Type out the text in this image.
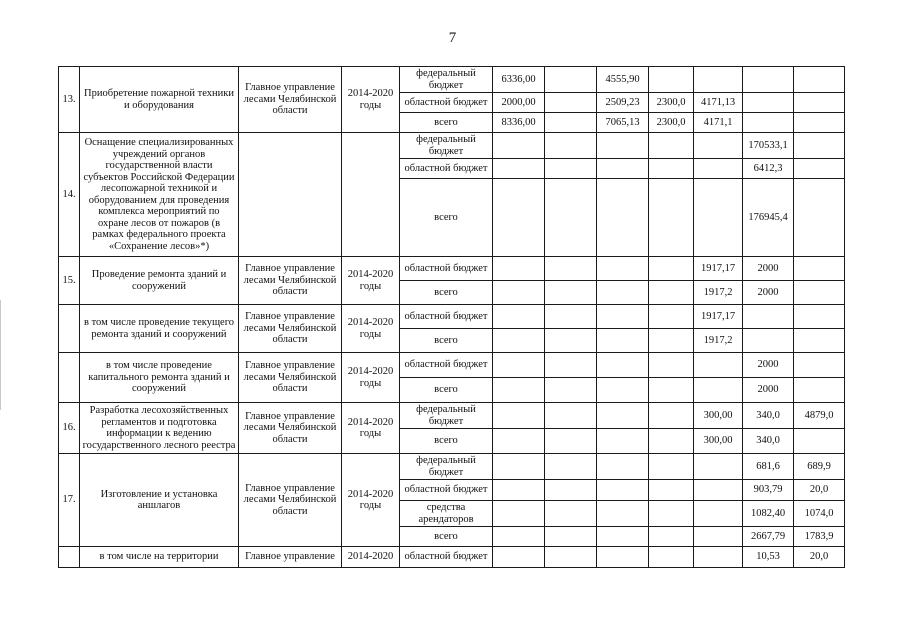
7
13.	Приобретение пожарной техники и оборудования	Главное управление лесами Челябинской области	2014-2020 годы	федеральный бюджет	6336,00		4555,90				
				областной бюджет	2000,00		2509,23	2300,0	4171,13		
				всего	8336,00		7065,13	2300,0	4171,1		
14.	Оснащение специализированных учреждений органов государственной власти субъектов Российской Федерации лесопожарной техникой и оборудованием для проведения комплекса мероприятий по охране лесов от пожаров (в рамках федерального проекта «Сохранение лесов»*)			федеральный бюджет						170533,1	
				областной бюджет						6412,3	
				всего						176945,4	
15.	Проведение ремонта зданий и сооружений	Главное управление лесами Челябинской области	2014-2020 годы	областной бюджет					1917,17	2000	
				всего					1917,2	2000	
	в том числе проведение текущего ремонта зданий и сооружений	Главное управление лесами Челябинской области	2014-2020 годы	областной бюджет					1917,17		
				всего					1917,2		
	в том числе проведение капитального ремонта зданий и сооружений	Главное управление лесами Челябинской области	2014-2020 годы	областной бюджет						2000	
				всего						2000	
16.	Разработка лесохозяйственных регламентов и подготовка информации к ведению государственного лесного реестра	Главное управление лесами Челябинской области	2014-2020 годы	федеральный бюджет					300,00	340,0	4879,0
				всего					300,00	340,0	
17.	Изготовление и установка аншлагов	Главное управление лесами Челябинской области	2014-2020 годы	федеральный бюджет						681,6	689,9
				областной бюджет						903,79	20,0
				средства арендаторов						1082,40	1074,0
				всего						2667,79	1783,9
	в том числе на территории	Главное управление	2014-2020	областной бюджет						10,53	20,0
